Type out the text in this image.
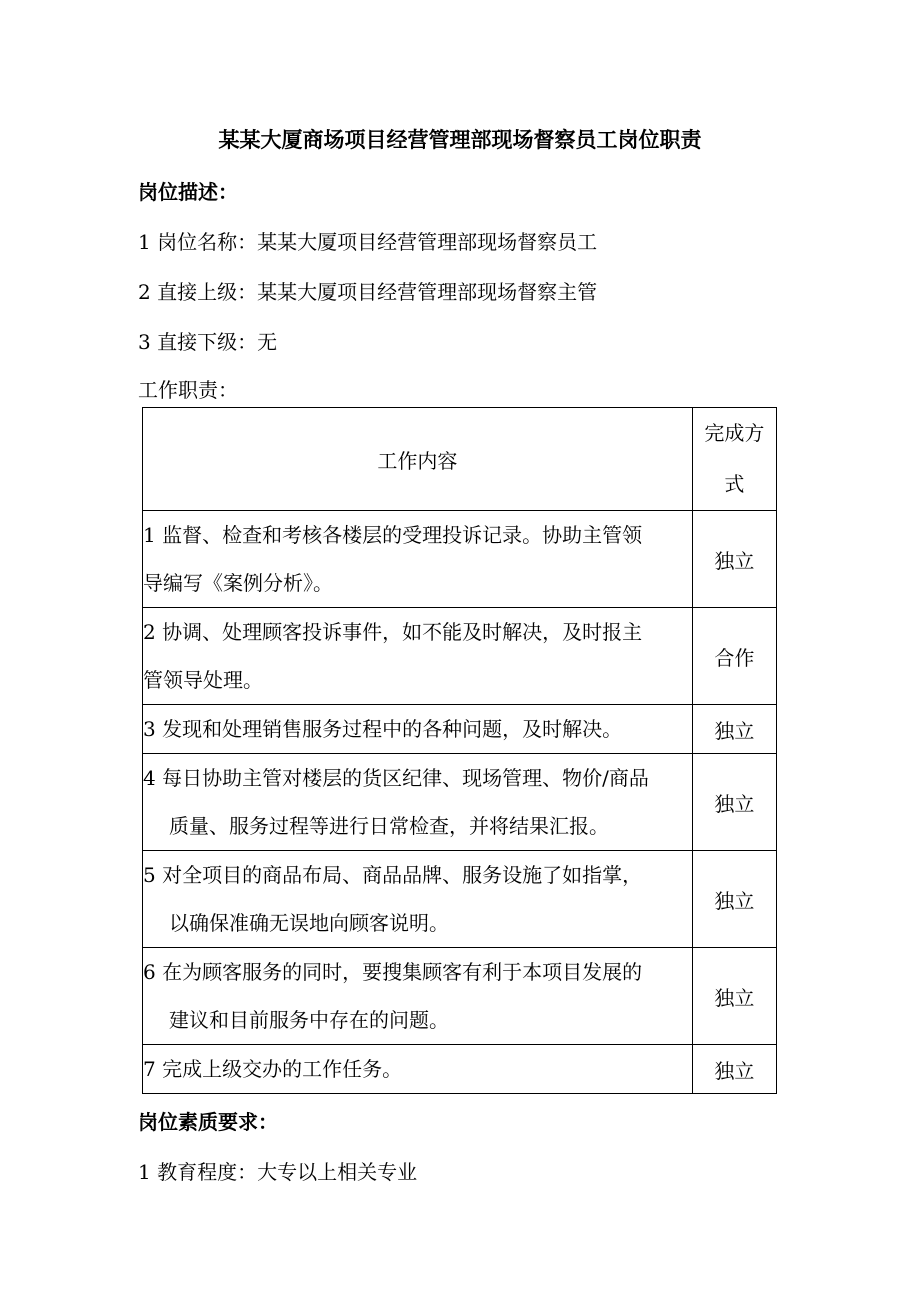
某某大厦商场项目经营管理部现场督察员工岗位职责
岗位描述：
1 岗位名称：某某大厦项目经营管理部现场督察员工
2 直接上级：某某大厦项目经营管理部现场督察主管
3 直接下级：无
工作职责：
工作内容	完成方
式

1 监督、检查和考核各楼层的受理投诉记录。协助主管领
导编写《案例分析》。	独立

2 协调、处理顾客投诉事件，如不能及时解决，及时报主
管领导处理。	合作

3 发现和处理销售服务过程中的各种问题，及时解决。	独立

4 每日协助主管对楼层的货区纪律、现场管理、物价/商品
质量、服务过程等进行日常检查，并将结果汇报。	独立

5 对全项目的商品布局、商品品牌、服务设施了如指掌，
以确保准确无误地向顾客说明。	独立

6 在为顾客服务的同时，要搜集顾客有利于本项目发展的
建议和目前服务中存在的问题。	独立

7 完成上级交办的工作任务。	独立
岗位素质要求：
1 教育程度：大专以上相关专业
